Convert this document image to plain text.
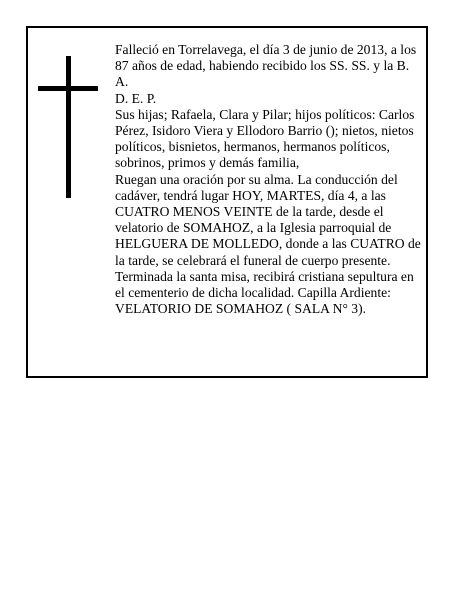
Falleció en Torrelavega, el día 3 de junio de 2013, a los 87 años de edad, habiendo recibido los SS. SS. y la B. A.

D. E. P.

Sus hijas; Rafaela, Clara y Pilar; hijos políticos: Carlos Pérez, Isidoro Viera y Ellodoro Barrio (); nietos, nietos políticos, bisnietos, hermanos, hermanos políticos, sobrinos, primos y demás familia,

Ruegan una oración por su alma. La conducción del cadáver, tendrá lugar HOY, MARTES, día 4, a las CUATRO MENOS VEINTE de la tarde, desde el velatorio de SOMAHOZ, a la Iglesia parroquial de HELGUERA DE MOLLEDO, donde a las CUATRO de la tarde, se celebrará el funeral de cuerpo presente. Terminada la santa misa, recibirá cristiana sepultura en el cementerio de dicha localidad. Capilla Ardiente: VELATORIO DE SOMAHOZ ( SALA N° 3).
